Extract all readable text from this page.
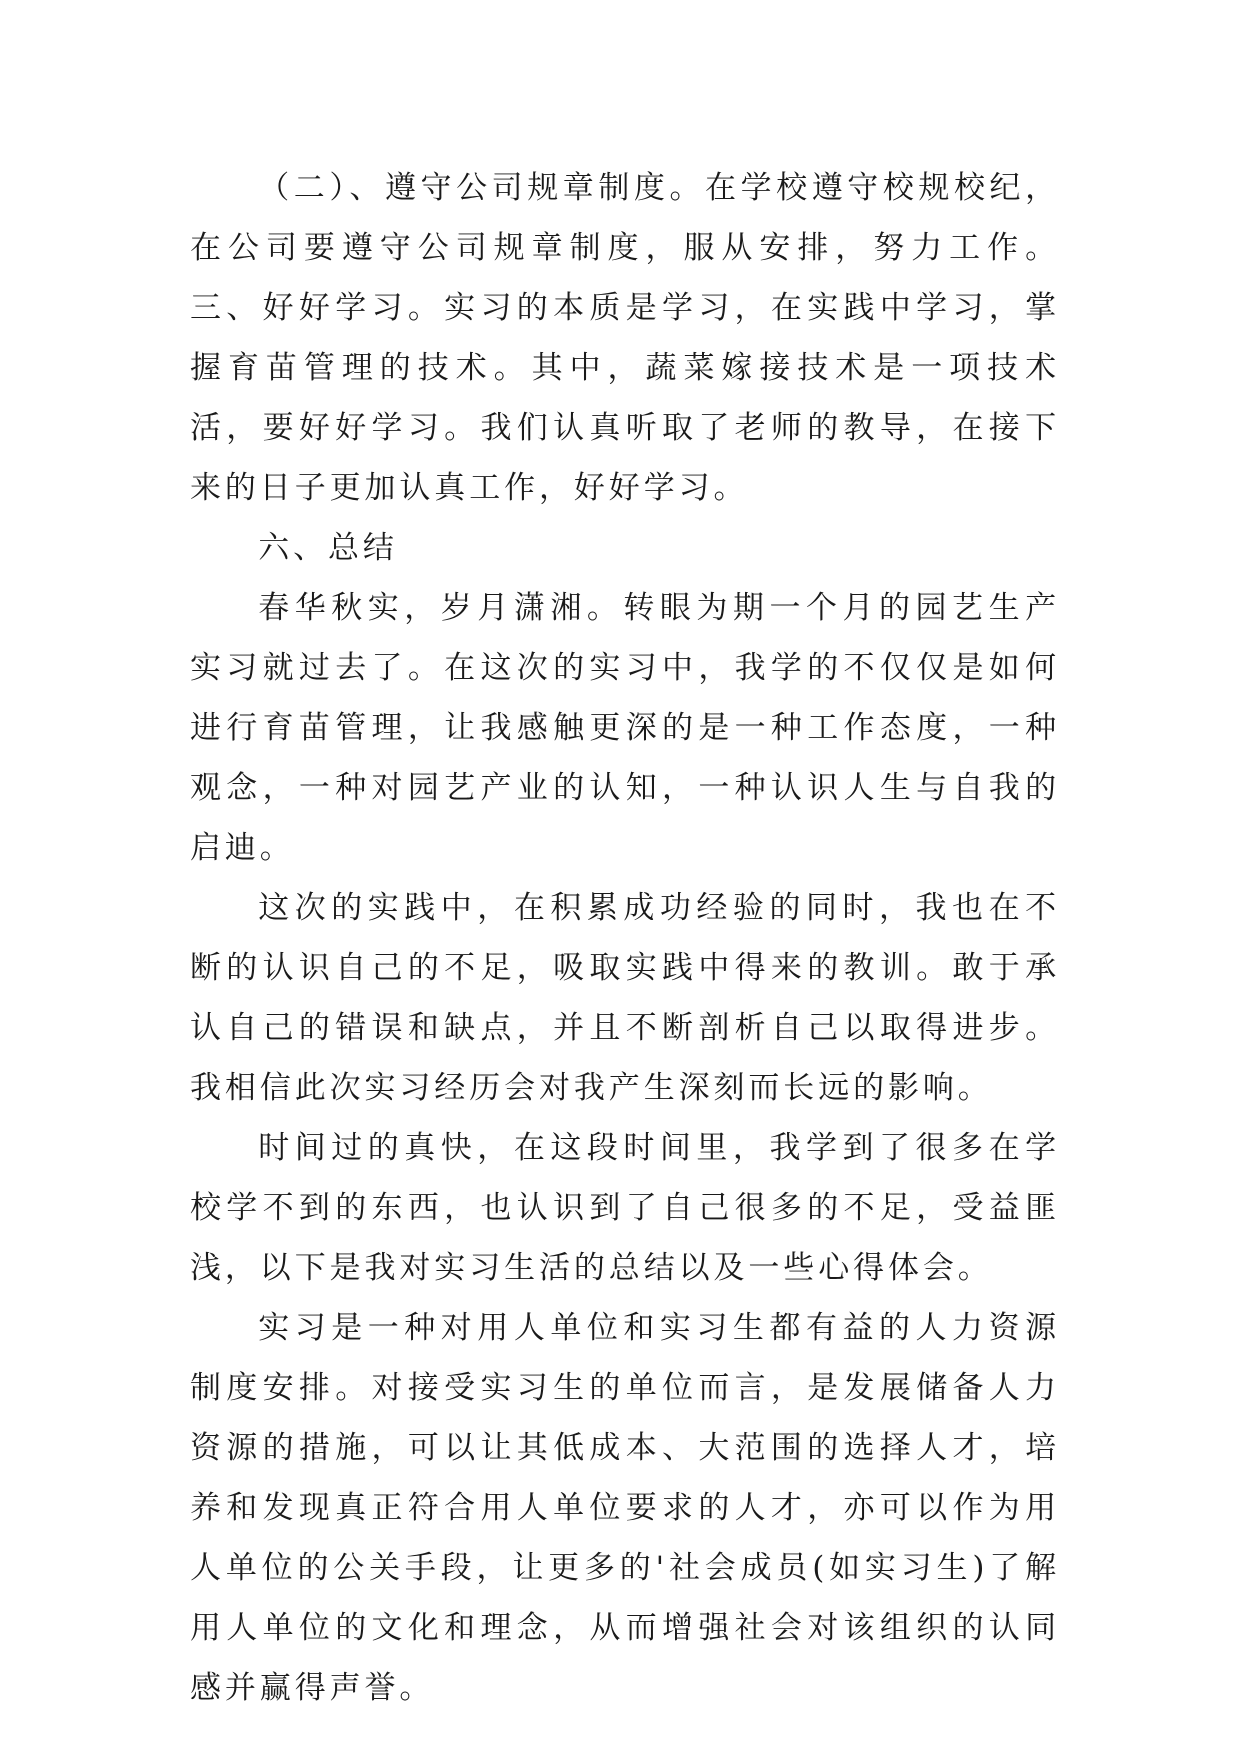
（二）、遵守公司规章制度。在学校遵守校规校纪，在公司要遵守公司规章制度，服从安排，努力工作。三、好好学习。实习的本质是学习，在实践中学习，掌握育苗管理的技术。其中，蔬菜嫁接技术是一项技术活，要好好学习。我们认真听取了老师的教导，在接下来的日子更加认真工作，好好学习。

六、总结

春华秋实，岁月潇湘。转眼为期一个月的园艺生产实习就过去了。在这次的实习中，我学的不仅仅是如何进行育苗管理，让我感触更深的是一种工作态度，一种观念，一种对园艺产业的认知，一种认识人生与自我的启迪。

这次的实践中，在积累成功经验的同时，我也在不断的认识自己的不足，吸取实践中得来的教训。敢于承认自己的错误和缺点，并且不断剖析自己以取得进步。我相信此次实习经历会对我产生深刻而长远的影响。

时间过的真快，在这段时间里，我学到了很多在学校学不到的东西，也认识到了自己很多的不足，受益匪浅，以下是我对实习生活的总结以及一些心得体会。

实习是一种对用人单位和实习生都有益的人力资源制度安排。对接受实习生的单位而言，是发展储备人力资源的措施，可以让其低成本、大范围的选择人才，培养和发现真正符合用人单位要求的人才，亦可以作为用人单位的公关手段，让更多的'社会成员(如实习生)了解用人单位的文化和理念，从而增强社会对该组织的认同感并赢得声誉。
